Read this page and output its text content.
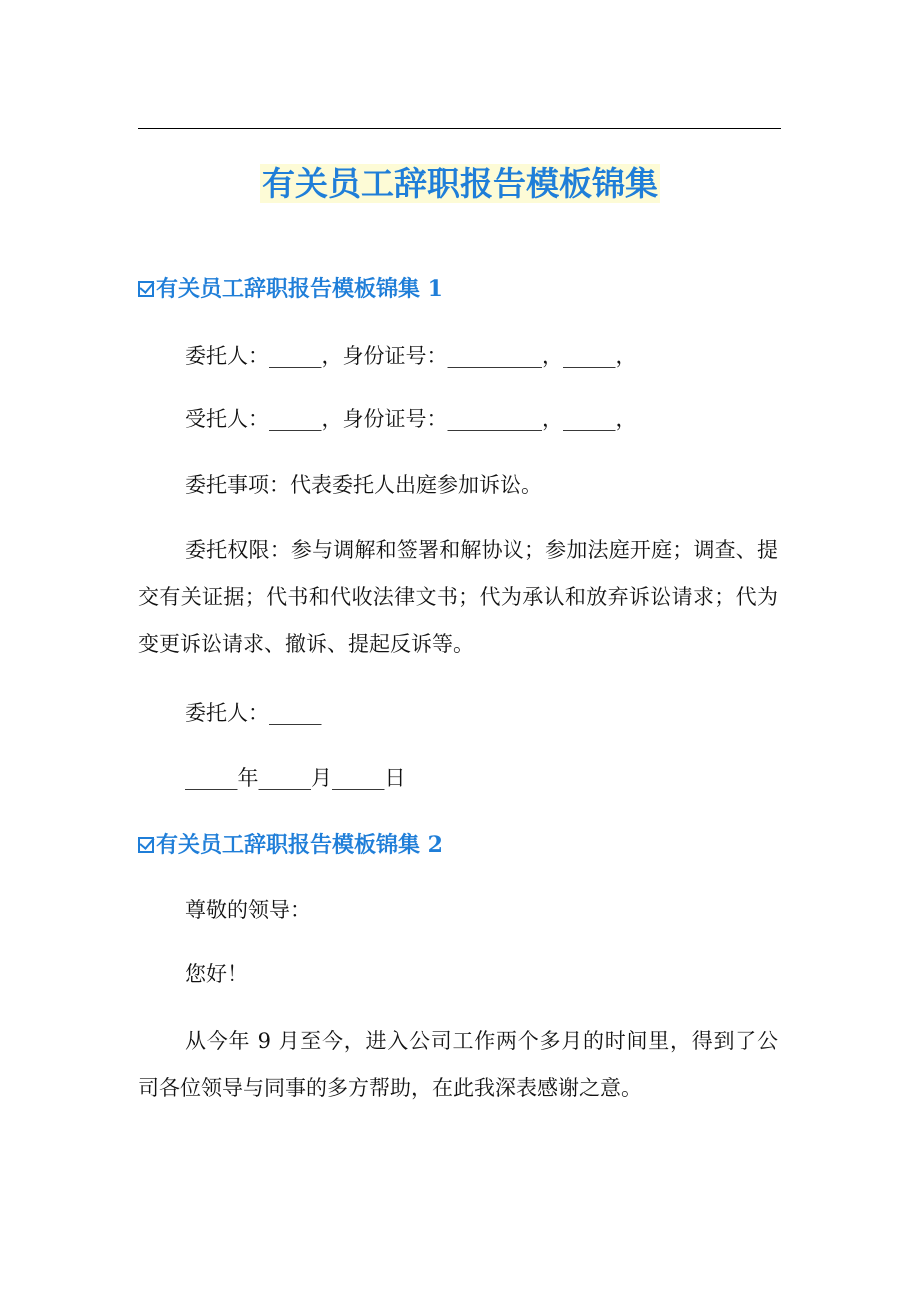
有关员工辞职报告模板锦集
有关员工辞职报告模板锦集 1

委托人：_____，身份证号：_________，_____，

受托人：_____，身份证号：_________，_____，

委托事项：代表委托人出庭参加诉讼。

委托权限：参与调解和签署和解协议；参加法庭开庭；调查、提交有关证据；代书和代收法律文书；代为承认和放弃诉讼请求；代为变更诉讼请求、撤诉、提起反诉等。

委托人：_____

_____年_____月_____日

有关员工辞职报告模板锦集 2

尊敬的领导：

您好！

从今年 9 月至今，进入公司工作两个多月的时间里，得到了公司各位领导与同事的多方帮助，在此我深表感谢之意。
